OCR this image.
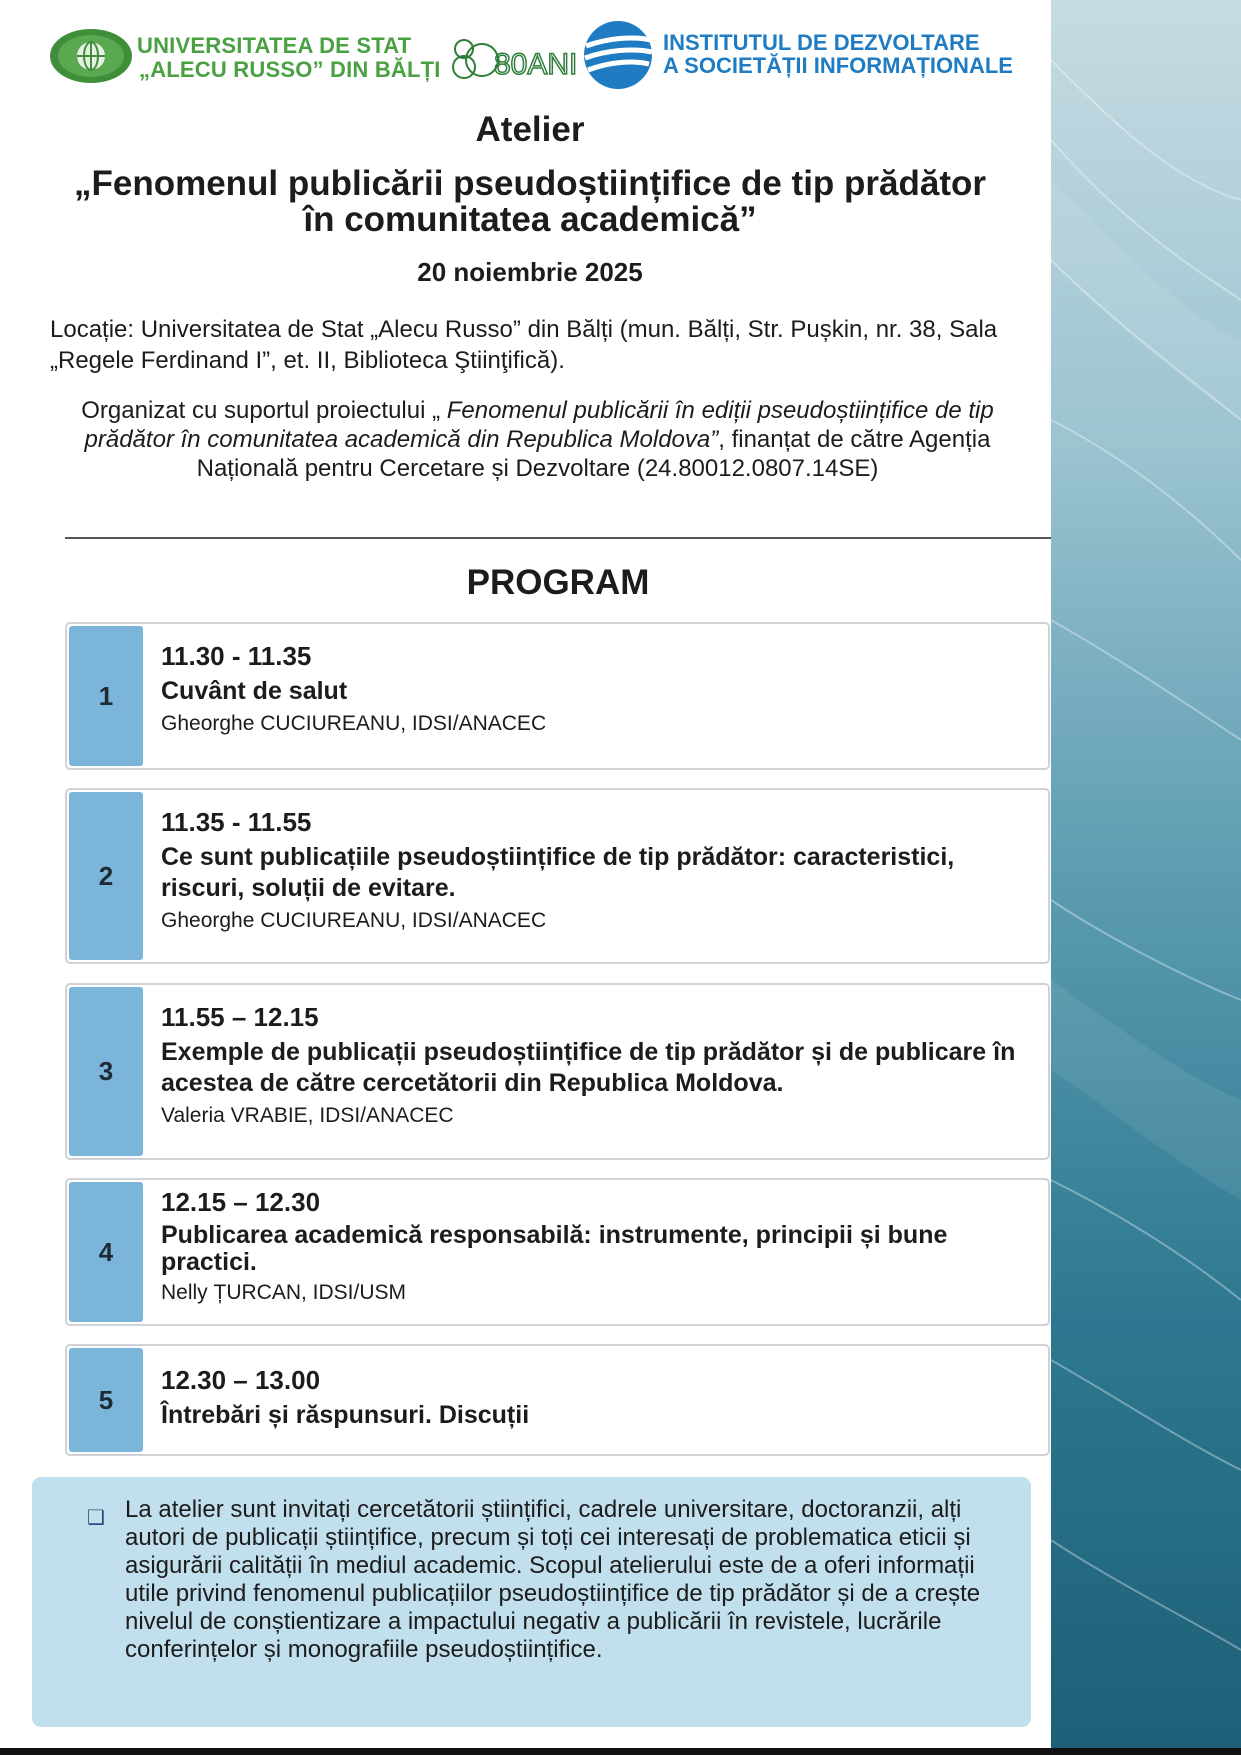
UNIVERSITATEA DE STAT
„ALECU RUSSO” DIN BĂLȚI 80ANI
INSTITUTUL DE DEZVOLTARE
A SOCIETĂȚII INFORMAȚIONALE
Atelier
„Fenomenul publicării pseudoștiințifice de tip prădător
în comunitatea academică”
20 noiembrie 2025
Locație: Universitatea de Stat „Alecu Russo” din Bălți (mun. Bălți, Str. Pușkin, nr. 38, Sala „Regele Ferdinand I”, et. II, Biblioteca Ştiinţifică).
Organizat cu suportul proiectului „ Fenomenul publicării în ediții pseudoștiințifice de tip prădător în comunitatea academică din Republica Moldova”, finanțat de către Agenția Națională pentru Cercetare și Dezvoltare (24.80012.0807.14SE)
PROGRAM
1
11.30 - 11.35
Cuvânt de salut
Gheorghe CUCIUREANU, IDSI/ANACEC
2
11.35 - 11.55
Ce sunt publicațiile pseudoștiințifice de tip prădător: caracteristici, riscuri, soluții de evitare.
Gheorghe CUCIUREANU, IDSI/ANACEC
3
11.55 – 12.15
Exemple de publicații pseudoștiințifice de tip prădător și de publicare în acestea de către cercetătorii din Republica Moldova.
Valeria VRABIE, IDSI/ANACEC
4
12.15 – 12.30
Publicarea academică responsabilă: instrumente, principii și bune practici.
Nelly ȚURCAN, IDSI/USM
5
12.30 – 13.00
Întrebări și răspunsuri. Discuții
❑ La atelier sunt invitați cercetătorii științifici, cadrele universitare, doctoranzii, alți autori de publicații științifice, precum și toți cei interesați de problematica eticii și asigurării calității în mediul academic. Scopul atelierului este de a oferi informații utile privind fenomenul publicațiilor pseudoștiințifice de tip prădător și de a crește nivelul de conștientizare a impactului negativ a publicării în revistele, lucrările conferințelor și monografiile pseudoștiințifice.
